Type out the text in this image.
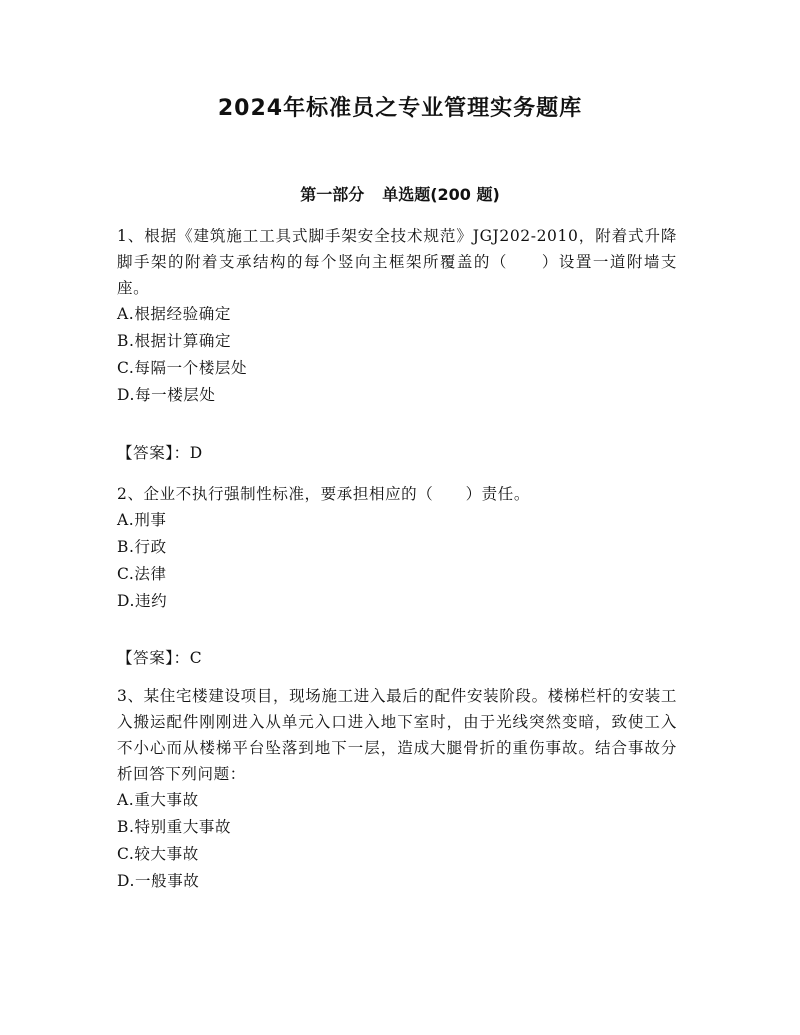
2024年标准员之专业管理实务题库
第一部分 单选题(200 题)

1、根据《建筑施工工具式脚手架安全技术规范》JGJ202-2010，附着式升降脚手架的附着支承结构的每个竖向主框架所覆盖的（　　）设置一道附墙支座。

A.根据经验确定

B.根据计算确定

C.每隔一个楼层处

D.每一楼层处

【答案】：D

2、企业不执行强制性标准，要承担相应的（　　）责任。

A.刑事

B.行政

C.法律

D.违约

【答案】：C

3、某住宅楼建设项目，现场施工进入最后的配件安装阶段。楼梯栏杆的安装工入搬运配件刚刚进入从单元入口进入地下室时，由于光线突然变暗，致使工入不小心而从楼梯平台坠落到地下一层，造成大腿骨折的重伤事故。结合事故分析回答下列问题：

A.重大事故

B.特别重大事故

C.较大事故

D.一般事故
